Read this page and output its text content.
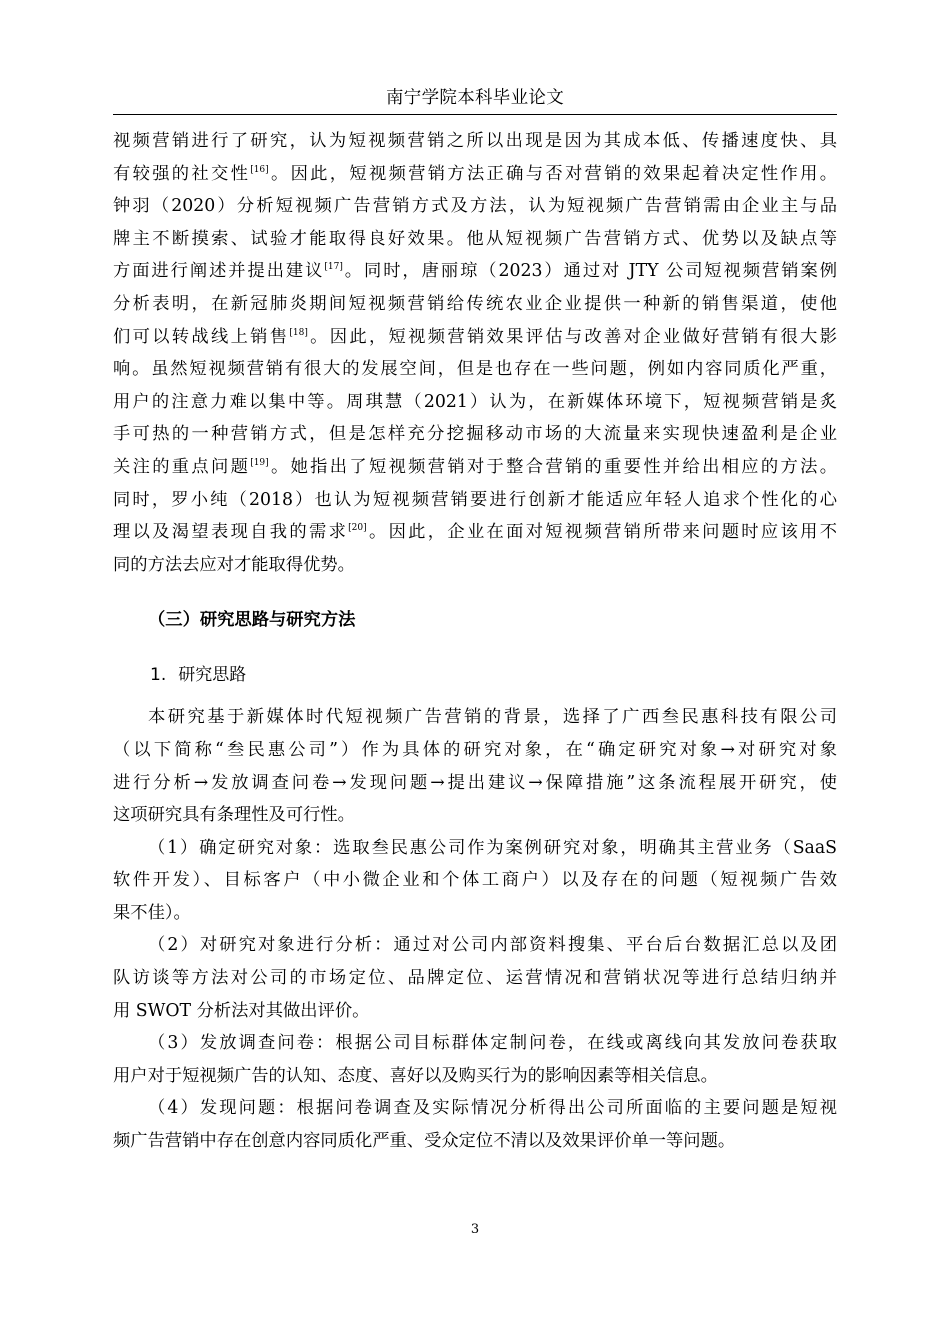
南宁学院本科毕业论文
视频营销进行了研究，认为短视频营销之所以出现是因为其成本低、传播速度快、具
有较强的社交性[16]。因此，短视频营销方法正确与否对营销的效果起着决定性作用。
钟羽（2020）分析短视频广告营销方式及方法，认为短视频广告营销需由企业主与品
牌主不断摸索、试验才能取得良好效果。他从短视频广告营销方式、优势以及缺点等
方面进行阐述并提出建议[17]。同时，唐丽琼（2023）通过对 JTY 公司短视频营销案例
分析表明，在新冠肺炎期间短视频营销给传统农业企业提供一种新的销售渠道，使他
们可以转战线上销售[18]。因此，短视频营销效果评估与改善对企业做好营销有很大影
响。虽然短视频营销有很大的发展空间，但是也存在一些问题，例如内容同质化严重，
用户的注意力难以集中等。周琪慧（2021）认为，在新媒体环境下，短视频营销是炙
手可热的一种营销方式，但是怎样充分挖掘移动市场的大流量来实现快速盈利是企业
关注的重点问题[19]。她指出了短视频营销对于整合营销的重要性并给出相应的方法。
同时，罗小纯（2018）也认为短视频营销要进行创新才能适应年轻人追求个性化的心
理以及渴望表现自我的需求[20]。因此，企业在面对短视频营销所带来问题时应该用不
同的方法去应对才能取得优势。
（三）研究思路与研究方法
1. 研究思路
本研究基于新媒体时代短视频广告营销的背景，选择了广西叁民惠科技有限公司
（以下简称“叁民惠公司”）作为具体的研究对象，在“确定研究对象→对研究对象
进行分析→发放调查问卷→发现问题→提出建议→保障措施”这条流程展开研究，使
这项研究具有条理性及可行性。
（1）确定研究对象：选取叁民惠公司作为案例研究对象，明确其主营业务（SaaS
软件开发）、目标客户（中小微企业和个体工商户）以及存在的问题（短视频广告效
果不佳）。
（2）对研究对象进行分析：通过对公司内部资料搜集、平台后台数据汇总以及团
队访谈等方法对公司的市场定位、品牌定位、运营情况和营销状况等进行总结归纳并
用 SWOT 分析法对其做出评价。
（3）发放调查问卷：根据公司目标群体定制问卷，在线或离线向其发放问卷获取
用户对于短视频广告的认知、态度、喜好以及购买行为的影响因素等相关信息。
（4）发现问题：根据问卷调查及实际情况分析得出公司所面临的主要问题是短视
频广告营销中存在创意内容同质化严重、受众定位不清以及效果评价单一等问题。
3
